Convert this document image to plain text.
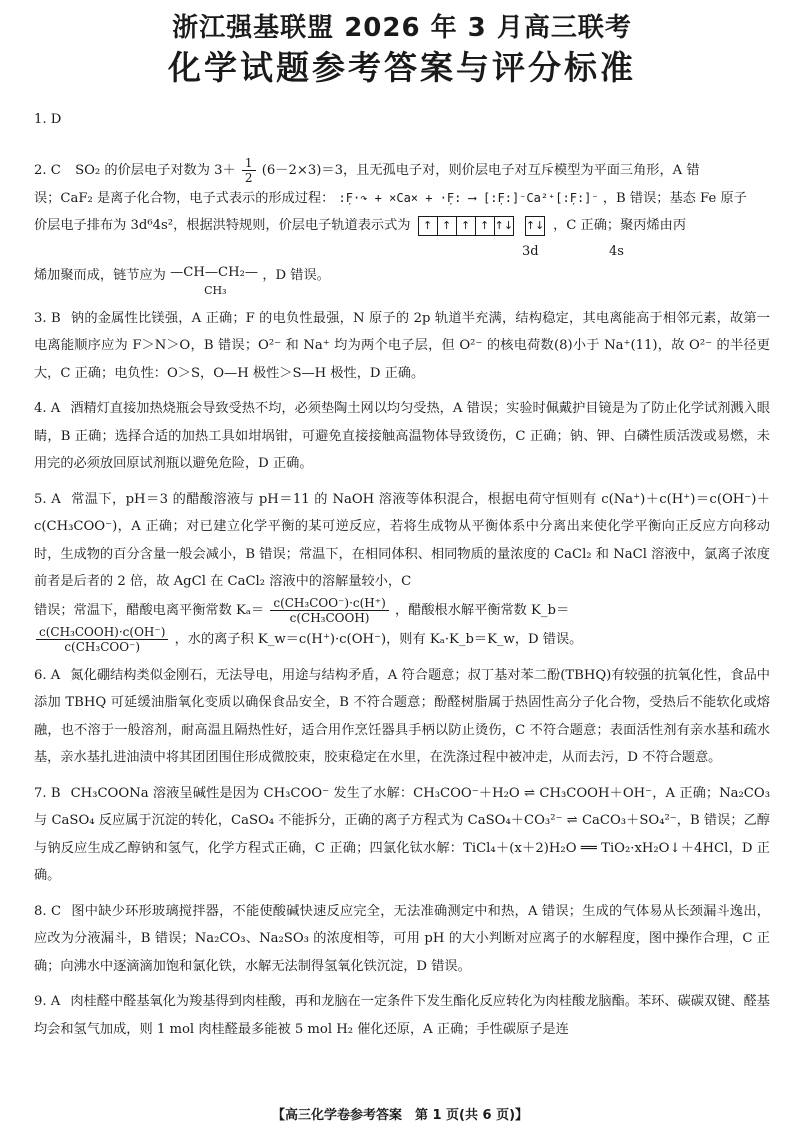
浙江强基联盟 2026 年 3 月高三联考
化学试题参考答案与评分标准
1. D
2. C SO₂ 的价层电子对数为 $3+ \frac{1}{2} (6-2\times 3)=3$，且无孤电子对，则价层电子对互斥模型为平面三角形，A 错
误；CaF₂ 是离子化合物，电子式表示的形成过程： :F̣·↷ + ×Ca× + ·F̣: ⟶ [:F̣:]⁻Ca²⁺[:F̣:]⁻ ，B 错误；基态 Fe 原子
价层电子排布为 3d⁶4s²，根据洪特规则，价层电子轨道表示式为	↑ ↑ ↑ ↑ ↑↓
↑↓ ，C 正确；聚丙烯由丙
3d	4s
烯加聚而成，链节应为 —CH—CH₂—
CH₃
，D 错误。
3. B 钠的金属性比镁强，A 正确；F 的电负性最强，N 原子的 2p 轨道半充满，结构稳定，其电离能高于相邻元素，故第一电离能顺序应为 F＞N＞O，B 错误；O²⁻ 和 Na⁺ 均为两个电子层，但 O²⁻ 的核电荷数(8)小于 Na⁺(11)，故 O²⁻ 的半径更大，C 正确；电负性：O＞S，O—H 极性＞S—H 极性，D 正确。
4. A 酒精灯直接加热烧瓶会导致受热不均，必须垫陶土网以均匀受热，A 错误；实验时佩戴护目镜是为了防止化学试剂溅入眼睛，B 正确；选择合适的加热工具如坩埚钳，可避免直接接触高温物体导致烫伤，C 正确；钠、钾、白磷性质活泼或易燃，未用完的必须放回原试剂瓶以避免危险，D 正确。
5. A 常温下，pH＝3 的醋酸溶液与 pH＝11 的 NaOH 溶液等体积混合，根据电荷守恒则有 c(Na⁺)＋c(H⁺)＝c(OH⁻)＋c(CH₃COO⁻)，A 正确；对已建立化学平衡的某可逆反应，若将生成物从平衡体系中分离出来使化学平衡向正反应方向移动时，生成物的百分含量一般会减小，B 错误；常温下，在相同体积、相同物质的量浓度的 CaCl₂ 和 NaCl 溶液中，氯离子浓度前者是后者的 2 倍，故 AgCl 在 CaCl₂ 溶液中的溶解量较小，C
错误；常温下，醋酸电离平衡常数 $K_a= \frac{\text{c(CH₃COO⁻)·c(H⁺)}}{\text{c(CH₃COOH)}}$ ，醋酸根水解平衡常数 K_b＝
$\frac{\text{c(CH₃COOH)·c(OH⁻)}}{\text{c(CH₃COO⁻)}}$ ，水的离子积 K_w＝c(H⁺)·c(OH⁻)，则有 Kₐ·K_b＝K_w，D 错误。
6. A 氮化硼结构类似金刚石，无法导电，用途与结构矛盾，A 符合题意；叔丁基对苯二酚(TBHQ)有较强的抗氧化性，食品中添加 TBHQ 可延缓油脂氧化变质以确保食品安全，B 不符合题意；酚醛树脂属于热固性高分子化合物，受热后不能软化或熔融，也不溶于一般溶剂，耐高温且隔热性好，适合用作烹饪器具手柄以防止烫伤，C 不符合题意；表面活性剂有亲水基和疏水基，亲水基扎进油渍中将其团团围住形成微胶束，胶束稳定在水里，在洗涤过程中被冲走，从而去污，D 不符合题意。
7. B CH₃COONa 溶液呈碱性是因为 CH₃COO⁻ 发生了水解：CH₃COO⁻＋H₂O ⇌ CH₃COOH＋OH⁻，A 正确；Na₂CO₃ 与 CaSO₄ 反应属于沉淀的转化，CaSO₄ 不能拆分，正确的离子方程式为 CaSO₄＋CO₃²⁻ ⇌ CaCO₃＋SO₄²⁻，B 错误；乙醇与钠反应生成乙醇钠和氢气，化学方程式正确，C 正确；四氯化钛水解：TiCl₄＋(x＋2)H₂O ══ TiO₂·xH₂O↓＋4HCl，D 正确。
8. C 图中缺少环形玻璃搅拌器，不能使酸碱快速反应完全，无法准确测定中和热，A 错误；生成的气体易从长颈漏斗逸出，应改为分液漏斗，B 错误；Na₂CO₃、Na₂SO₃ 的浓度相等，可用 pH 的大小判断对应离子的水解程度，图中操作合理，C 正确；向沸水中逐滴滴加饱和氯化铁，水解无法制得氢氧化铁沉淀，D 错误。
9. A 肉桂醛中醛基氧化为羧基得到肉桂酸，再和龙脑在一定条件下发生酯化反应转化为肉桂酸龙脑酯。苯环、碳碳双键、醛基均会和氢气加成，则 1 mol 肉桂醛最多能被 5 mol H₂ 催化还原，A 正确；手性碳原子是连
【高三化学卷参考答案　第 1 页(共 6 页)】
